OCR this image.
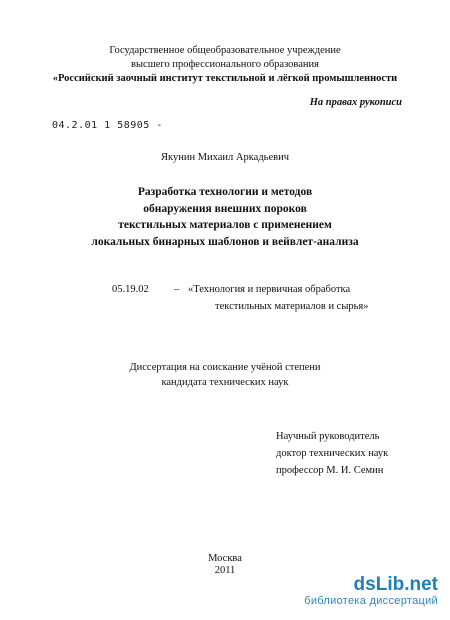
Государственное общеобразовательное учреждение
высшего профессионального образования
«Российский заочный институт текстильной и лёгкой промышленности
На правах рукописи
04.2.01 1 58905 -
Якунин Михаил Аркадьевич
Разработка технологии и методов
обнаружения внешних пороков
текстильных материалов с применением
локальных бинарных шаблонов и вейвлет-анализа
05.19.02 – «Технология и первичная обработка
текстильных материалов и сырья»
Диссертация на соискание учёной степени
кандидата технических наук
Научный руководитель
доктор технических наук
профессор М. И. Семин
Москва
2011
dsLib.net
библиотека диссертаций
